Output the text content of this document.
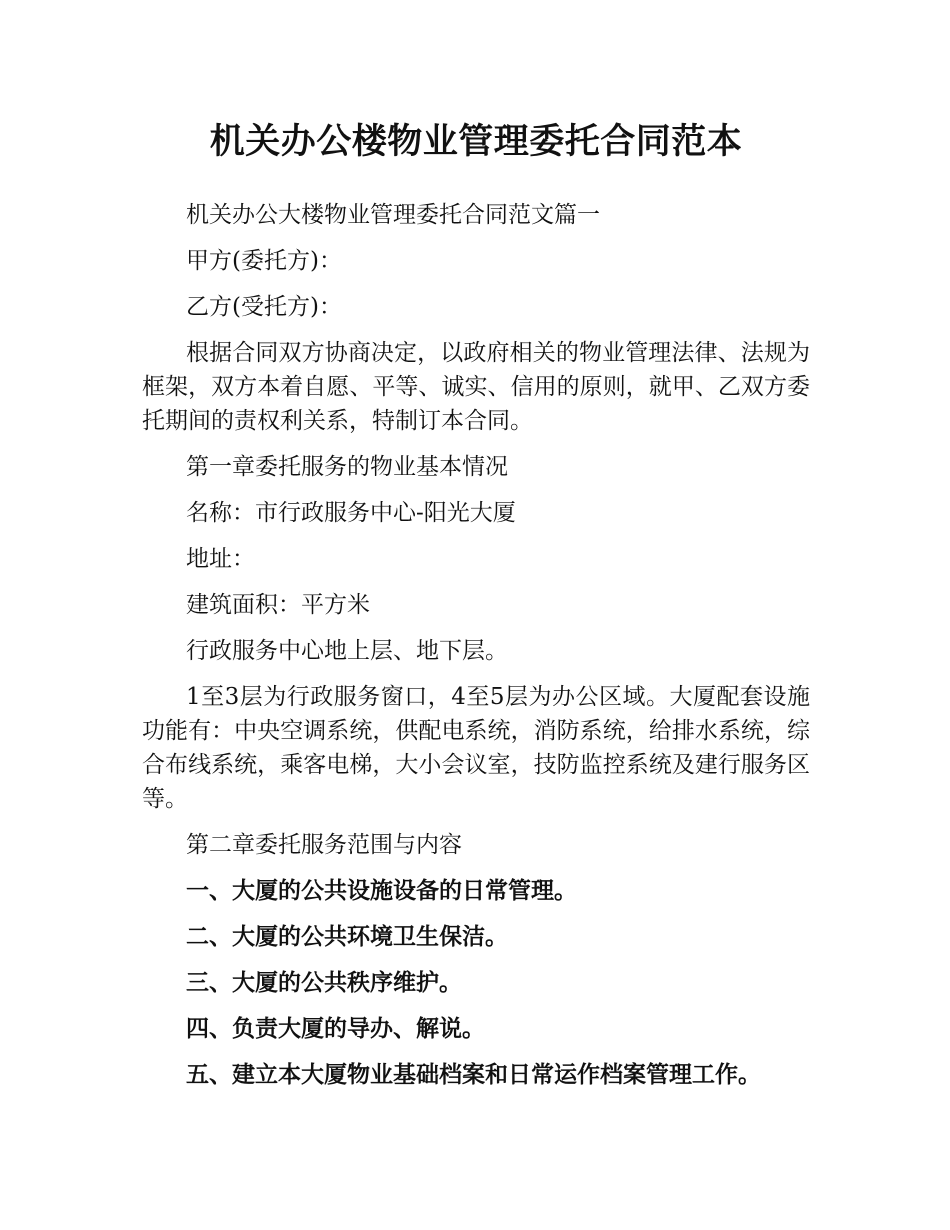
机关办公楼物业管理委托合同范本

机关办公大楼物业管理委托合同范文篇一

甲方(委托方)：

乙方(受托方)：

根据合同双方协商决定，以政府相关的物业管理法律、法规为框架，双方本着自愿、平等、诚实、信用的原则，就甲、乙双方委托期间的责权利关系，特制订本合同。

第一章委托服务的物业基本情况

名称：市行政服务中心-阳光大厦

地址：

建筑面积：平方米

行政服务中心地上层、地下层。

1至3层为行政服务窗口，4至5层为办公区域。大厦配套设施功能有：中央空调系统，供配电系统，消防系统，给排水系统，综合布线系统，乘客电梯，大小会议室，技防监控系统及建行服务区等。

第二章委托服务范围与内容

一、大厦的公共设施设备的日常管理。

二、大厦的公共环境卫生保洁。

三、大厦的公共秩序维护。

四、负责大厦的导办、解说。

五、建立本大厦物业基础档案和日常运作档案管理工作。
